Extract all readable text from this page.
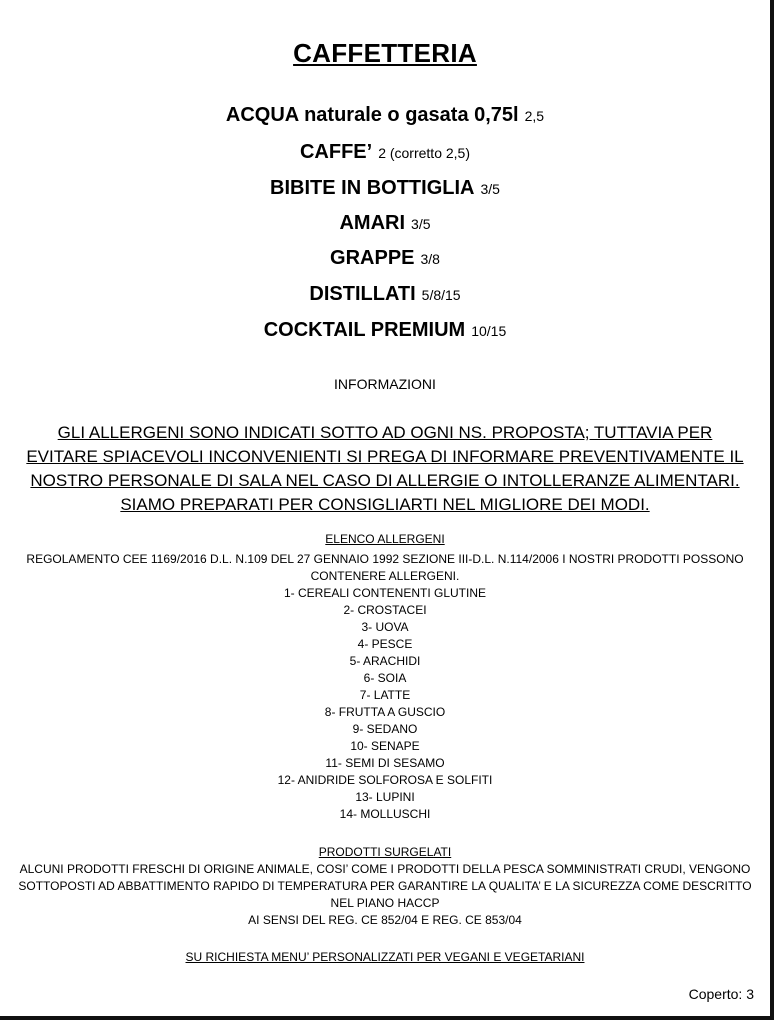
CAFFETTERIA
ACQUA naturale o gasata 0,75l 2,5
CAFFE’ 2 (corretto 2,5)
BIBITE IN BOTTIGLIA 3/5
AMARI 3/5
GRAPPE 3/8
DISTILLATI 5/8/15
COCKTAIL PREMIUM 10/15
INFORMAZIONI
GLI ALLERGENI SONO INDICATI SOTTO AD OGNI NS. PROPOSTA; TUTTAVIA PER EVITARE SPIACEVOLI INCONVENIENTI SI PREGA DI INFORMARE PREVENTIVAMENTE IL NOSTRO PERSONALE DI SALA NEL CASO DI ALLERGIE O INTOLLERANZE ALIMENTARI. SIAMO PREPARATI PER CONSIGLIARTI NEL MIGLIORE DEI MODI.
ELENCO ALLERGENI
REGOLAMENTO CEE 1169/2016 D.L. N.109 DEL 27 GENNAIO 1992 SEZIONE III-D.L. N.114/2006 I NOSTRI PRODOTTI POSSONO CONTENERE ALLERGENI.
1- CEREALI CONTENENTI GLUTINE
2- CROSTACEI
3- UOVA
4- PESCE
5- ARACHIDI
6- SOIA
7- LATTE
8- FRUTTA A GUSCIO
9- SEDANO
10- SENAPE
11- SEMI DI SESAMO
12- ANIDRIDE SOLFOROSA E SOLFITI
13- LUPINI
14- MOLLUSCHI
PRODOTTI SURGELATI
ALCUNI PRODOTTI FRESCHI DI ORIGINE ANIMALE, COSI’ COME I PRODOTTI DELLA PESCA SOMMINISTRATI CRUDI, VENGONO SOTTOPOSTI AD ABBATTIMENTO RAPIDO DI TEMPERATURA PER GARANTIRE LA QUALITA’ E LA SICUREZZA COME DESCRITTO NEL PIANO HACCP
AI SENSI DEL REG. CE 852/04 E REG. CE 853/04
SU RICHIESTA MENU’ PERSONALIZZATI PER VEGANI E VEGETARIANI
Coperto: 3
